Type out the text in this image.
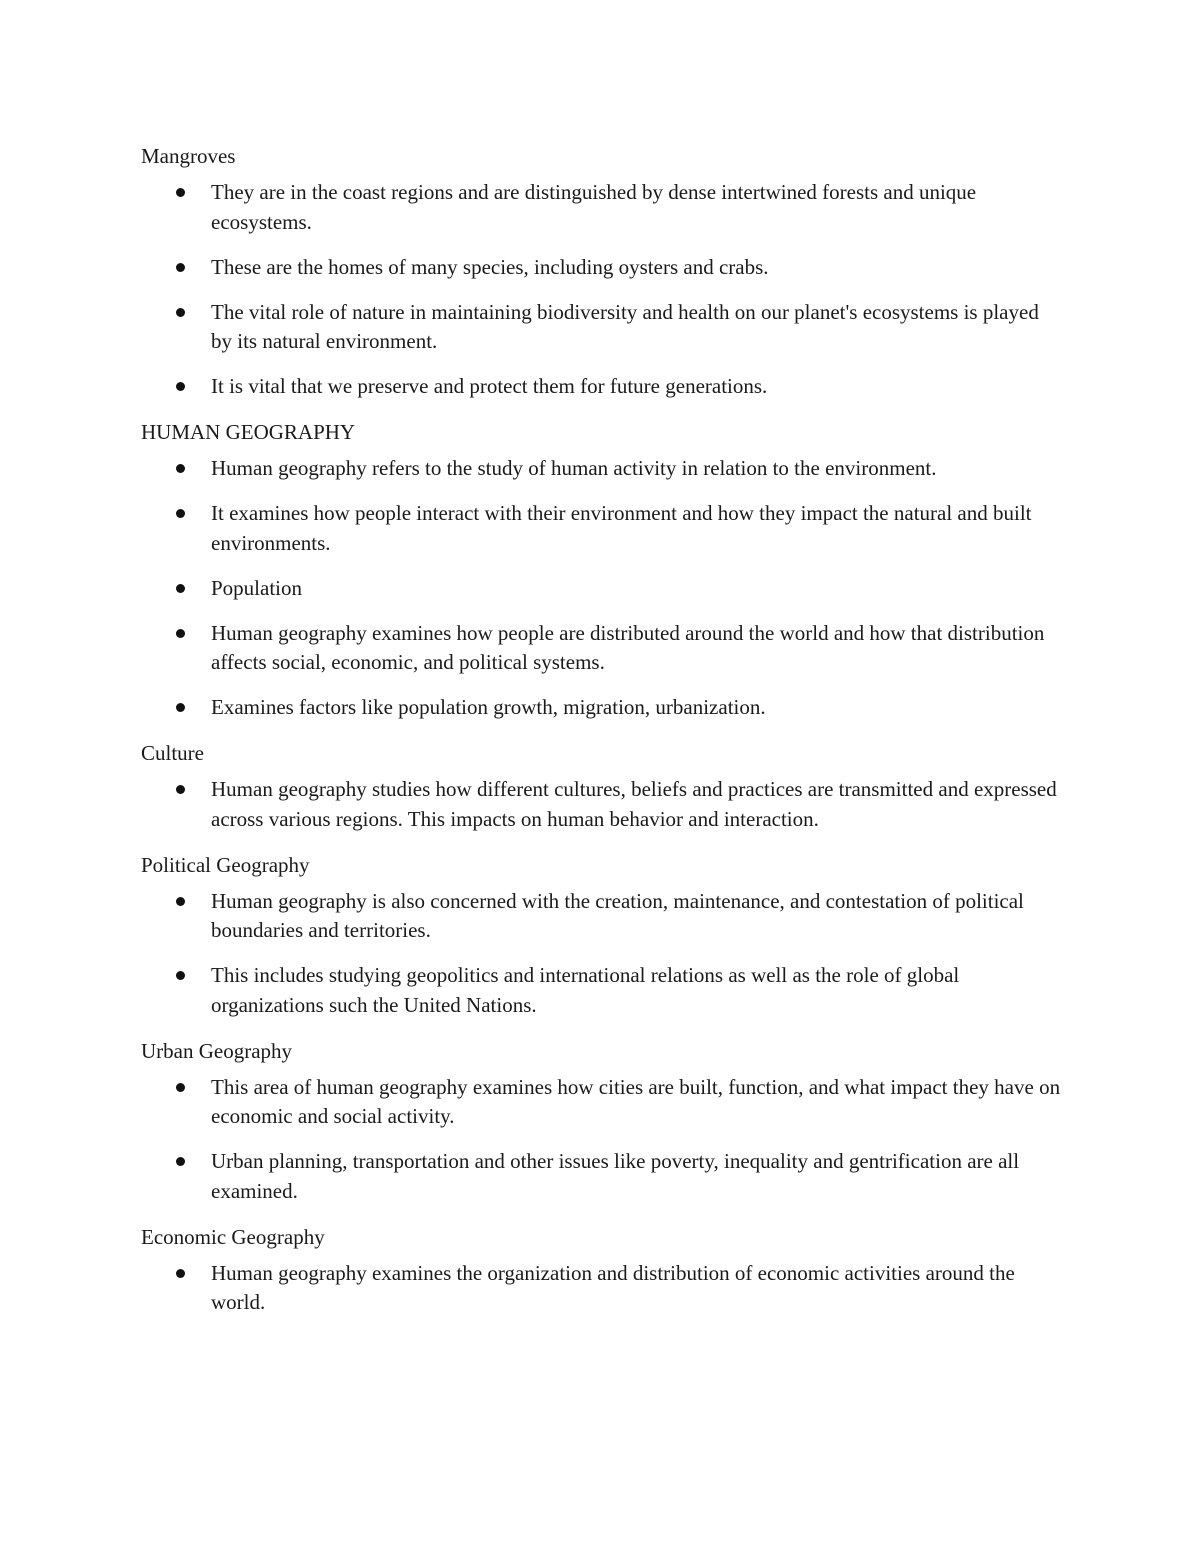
Mangroves
They are in the coast regions and are distinguished by dense intertwined forests and unique ecosystems.
These are the homes of many species, including oysters and crabs.
The vital role of nature in maintaining biodiversity and health on our planet's ecosystems is played by its natural environment.
It is vital that we preserve and protect them for future generations.
HUMAN GEOGRAPHY
Human geography refers to the study of human activity in relation to the environment.
It examines how people interact with their environment and how they impact the natural and built environments.
Population
Human geography examines how people are distributed around the world and how that distribution affects social, economic, and political systems.
Examines factors like population growth, migration, urbanization.
Culture
Human geography studies how different cultures, beliefs and practices are transmitted and expressed across various regions. This impacts on human behavior and interaction.
Political Geography
Human geography is also concerned with the creation, maintenance, and contestation of political boundaries and territories.
This includes studying geopolitics and international relations as well as the role of global organizations such the United Nations.
Urban Geography
This area of human geography examines how cities are built, function, and what impact they have on economic and social activity.
Urban planning, transportation and other issues like poverty, inequality and gentrification are all examined.
Economic Geography
Human geography examines the organization and distribution of economic activities around the world.
